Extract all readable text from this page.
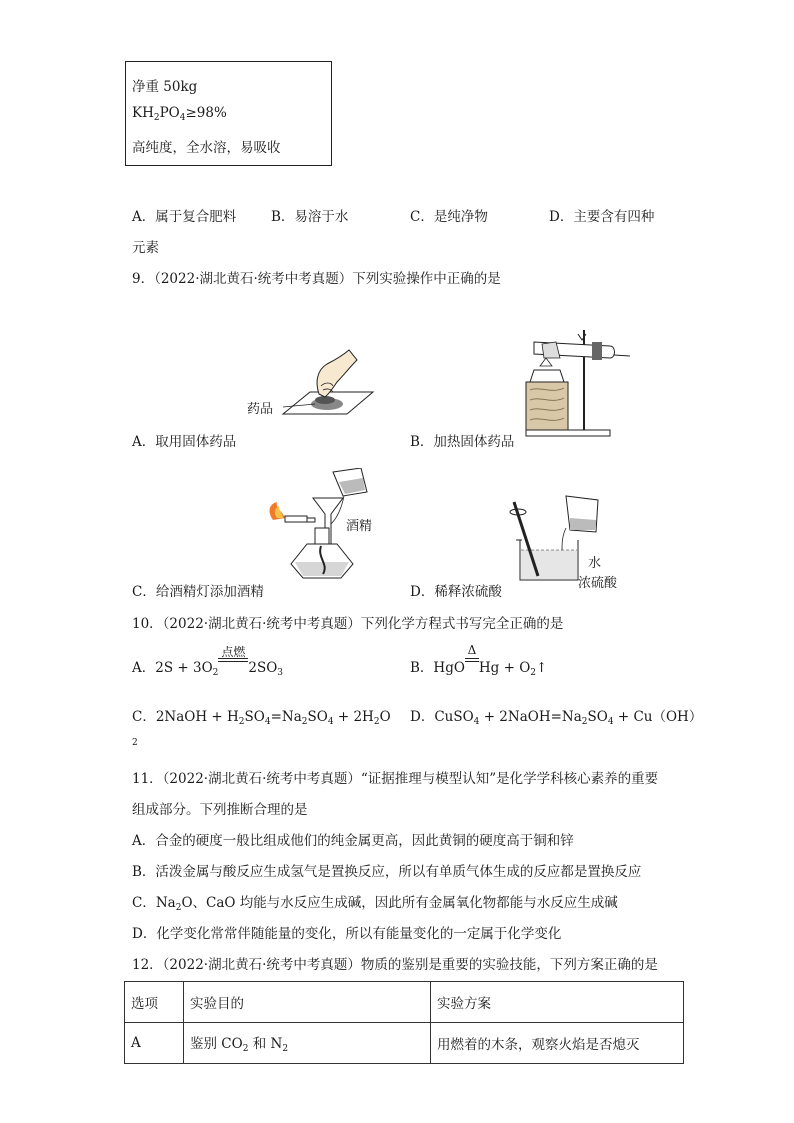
净重 50kg
$KH_2PO_4\ge 98\%$
高纯度，全水溶，易吸收
A．属于复合肥料	B．易溶于水	C．是纯净物	D．主要含有四种
元素
9．（2022·湖北黄石·统考中考真题）下列实验操作中正确的是
药品
A．取用固体药品	B．加热固体药品
酒精
C．给酒精灯添加酒精
水
浓硫酸
D．稀释浓硫酸
10．（2022·湖北黄石·统考中考真题）下列化学方程式书写完全正确的是
A．$2S + 3O_2$
点燃
$2SO_3$	B．HgO
Δ
$Hg + O_2↑$
C．2NaOH + $H_2SO_4=Na_2SO_4 + 2H_2O$ D．CuSO$_4$ + $2NaOH=Na_2SO_4 + Cu(OH)$
2
11．（2022·湖北黄石·统考中考真题）“证据推理与模型认知”是化学学科核心素养的重要
组成部分。下列推断合理的是
A．合金的硬度一般比组成他们的纯金属更高，因此黄铜的硬度高于铜和锌
B．活泼金属与酸反应生成氢气是置换反应，所以有单质气体生成的反应都是置换反应
C．$Na_2O$、CaO 均能与水反应生成碱，因此所有金属氧化物都能与水反应生成碱
D．化学变化常常伴随能量的变化，所以有能量变化的一定属于化学变化
12．（2022·湖北黄石·统考中考真题）物质的鉴别是重要的实验技能，下列方案正确的是
选项	实验目的	实验方案
A	鉴别 $CO_2$ 和 $N_2$	用燃着的木条，观察火焰是否熄灭
